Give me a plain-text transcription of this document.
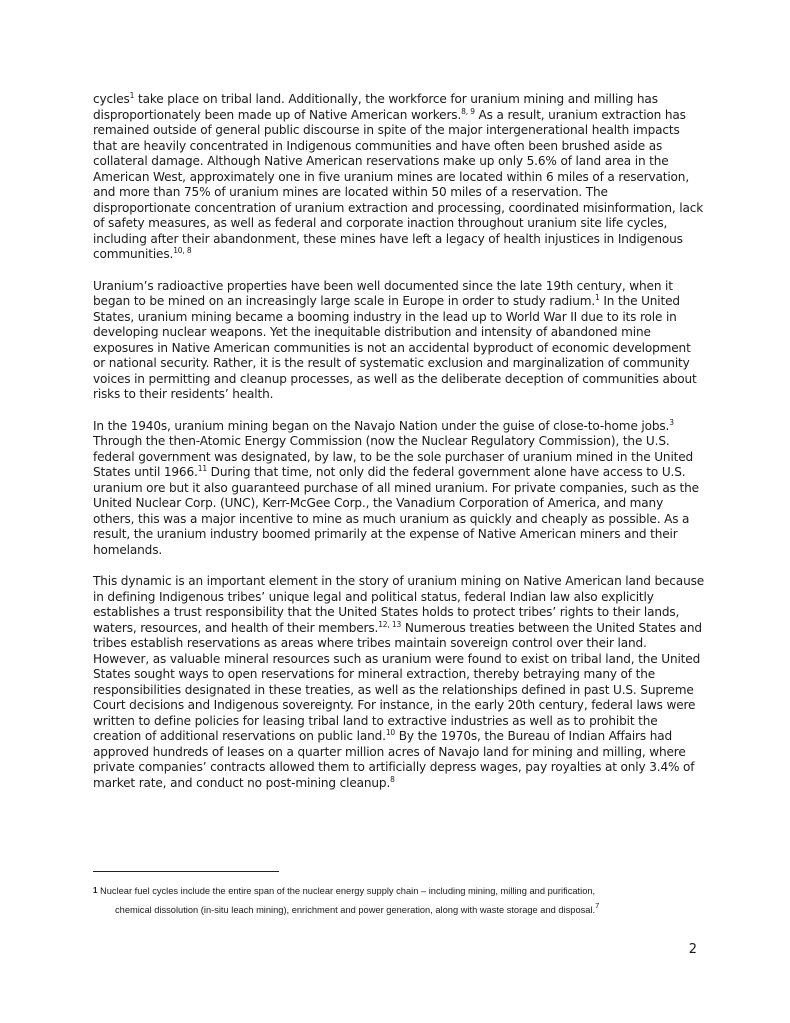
cycles$^1$ take place on tribal land. Additionally, the workforce for uranium mining and milling has disproportionately been made up of Native American workers.$^{8, 9}$ As a result, uranium extraction has remained outside of general public discourse in spite of the major intergenerational health impacts that are heavily concentrated in Indigenous communities and have often been brushed aside as collateral damage. Although Native American reservations make up only 5.6% of land area in the American West, approximately one in five uranium mines are located within 6 miles of a reservation, and more than 75% of uranium mines are located within 50 miles of a reservation. The disproportionate concentration of uranium extraction and processing, coordinated misinformation, lack of safety measures, as well as federal and corporate inaction throughout uranium site life cycles, including after their abandonment, these mines have left a legacy of health injustices in Indigenous communities.$^{10, 8}$

Uranium’s radioactive properties have been well documented since the late 19th century, when it began to be mined on an increasingly large scale in Europe in order to study radium.$^1$ In the United States, uranium mining became a booming industry in the lead up to World War II due to its role in developing nuclear weapons. Yet the inequitable distribution and intensity of abandoned mine exposures in Native American communities is not an accidental byproduct of economic development or national security. Rather, it is the result of systematic exclusion and marginalization of community voices in permitting and cleanup processes, as well as the deliberate deception of communities about risks to their residents’ health.

In the 1940s, uranium mining began on the Navajo Nation under the guise of close-to-home jobs.$^3$ Through the then-Atomic Energy Commission (now the Nuclear Regulatory Commission), the U.S. federal government was designated, by law, to be the sole purchaser of uranium mined in the United States until 1966.11 During that time, not only did the federal government alone have access to U.S. uranium ore but it also guaranteed purchase of all mined uranium. For private companies, such as the United Nuclear Corp. (UNC), Kerr-McGee Corp., the Vanadium Corporation of America, and many others, this was a major incentive to mine as much uranium as quickly and cheaply as possible. As a result, the uranium industry boomed primarily at the expense of Native American miners and their homelands.

This dynamic is an important element in the story of uranium mining on Native American land because in defining Indigenous tribes’ unique legal and political status, federal Indian law also explicitly establishes a trust responsibility that the United States holds to protect tribes’ rights to their lands, waters, resources, and health of their members.$^{12, 13}$ Numerous treaties between the United States and tribes establish reservations as areas where tribes maintain sovereign control over their land. However, as valuable mineral resources such as uranium were found to exist on tribal land, the United States sought ways to open reservations for mineral extraction, thereby betraying many of the responsibilities designated in these treaties, as well as the relationships defined in past U.S. Supreme Court decisions and Indigenous sovereignty. For instance, in the early 20th century, federal laws were written to define policies for leasing tribal land to extractive industries as well as to prohibit the creation of additional reservations on public land.$^{10}$ By the 1970s, the Bureau of Indian Affairs had approved hundreds of leases on a quarter million acres of Navajo land for mining and milling, where private companies’ contracts allowed them to artificially depress wages, pay royalties at only 3.4% of market rate, and conduct no post-mining cleanup.$^8$

1 Nuclear fuel cycles include the entire span of the nuclear energy supply chain – including mining, milling and purification,
chemical dissolution (in-situ leach mining), enrichment and power generation, along with waste storage and disposal.$^7$
2
